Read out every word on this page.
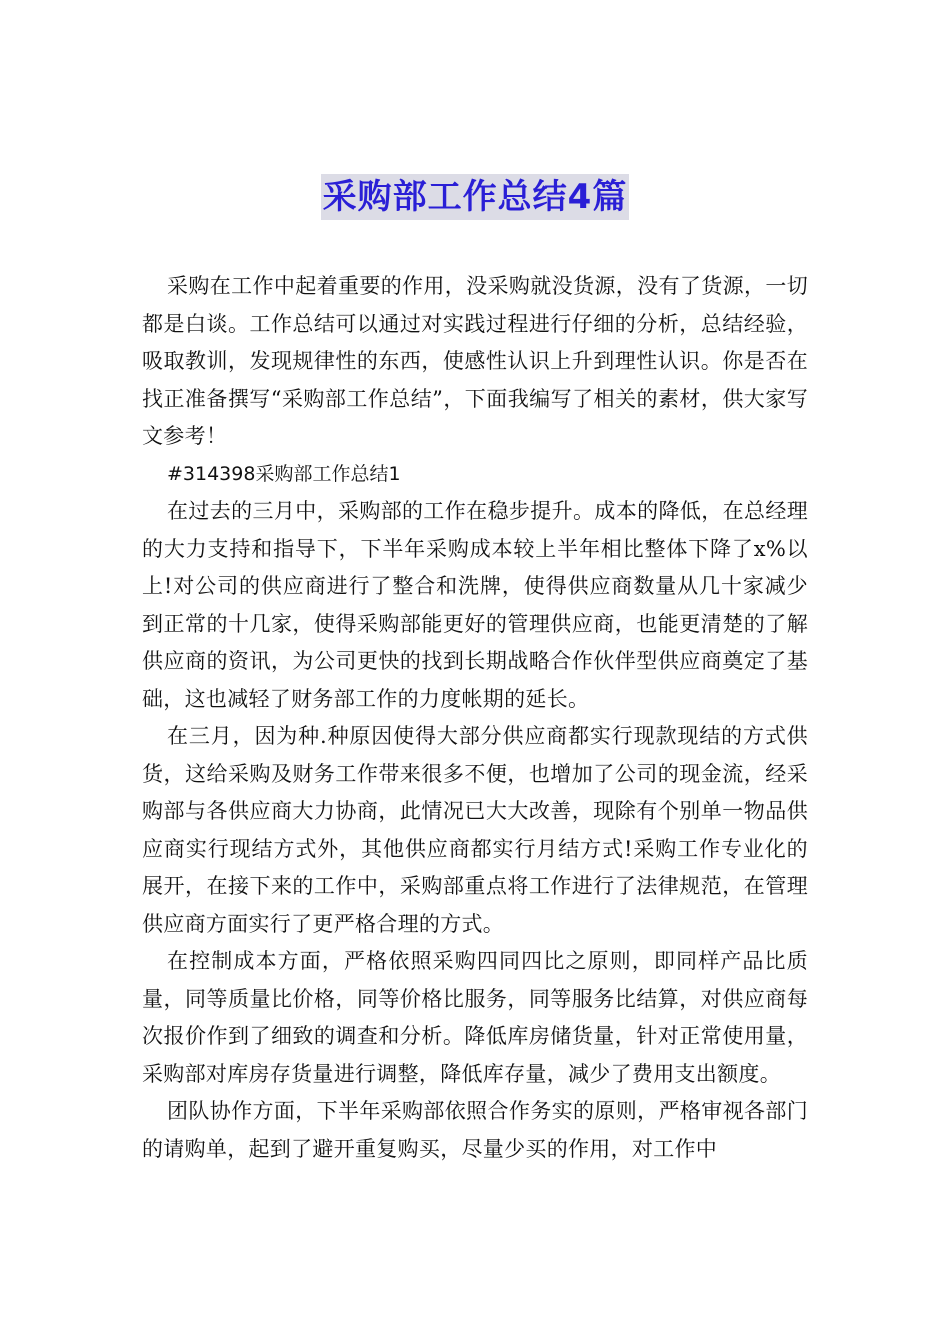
采购部工作总结4篇

采购在工作中起着重要的作用，没采购就没货源，没有了货源，一切都是白谈。工作总结可以通过对实践过程进行仔细的分析，总结经验，吸取教训，发现规律性的东西，使感性认识上升到理性认识。你是否在找正准备撰写“采购部工作总结”，下面我编写了相关的素材，供大家写文参考！

#314398采购部工作总结1

在过去的三月中，采购部的工作在稳步提升。成本的降低，在总经理的大力支持和指导下，下半年采购成本较上半年相比整体下降了x%以上!对公司的供应商进行了整合和洗牌，使得供应商数量从几十家减少到正常的十几家，使得采购部能更好的管理供应商，也能更清楚的了解供应商的资讯，为公司更快的找到长期战略合作伙伴型供应商奠定了基础，这也减轻了财务部工作的力度帐期的延长。

在三月，因为种.种原因使得大部分供应商都实行现款现结的方式供货，这给采购及财务工作带来很多不便，也增加了公司的现金流，经采购部与各供应商大力协商，此情况已大大改善，现除有个别单一物品供应商实行现结方式外，其他供应商都实行月结方式!采购工作专业化的展开，在接下来的工作中，采购部重点将工作进行了法律规范，在管理供应商方面实行了更严格合理的方式。

在控制成本方面，严格依照采购四同四比之原则，即同样产品比质量，同等质量比价格，同等价格比服务，同等服务比结算，对供应商每次报价作到了细致的调查和分析。降低库房储货量，针对正常使用量，采购部对库房存货量进行调整，降低库存量，减少了费用支出额度。

团队协作方面，下半年采购部依照合作务实的原则，严格审视各部门的请购单，起到了避开重复购买，尽量少买的作用，对工作中
